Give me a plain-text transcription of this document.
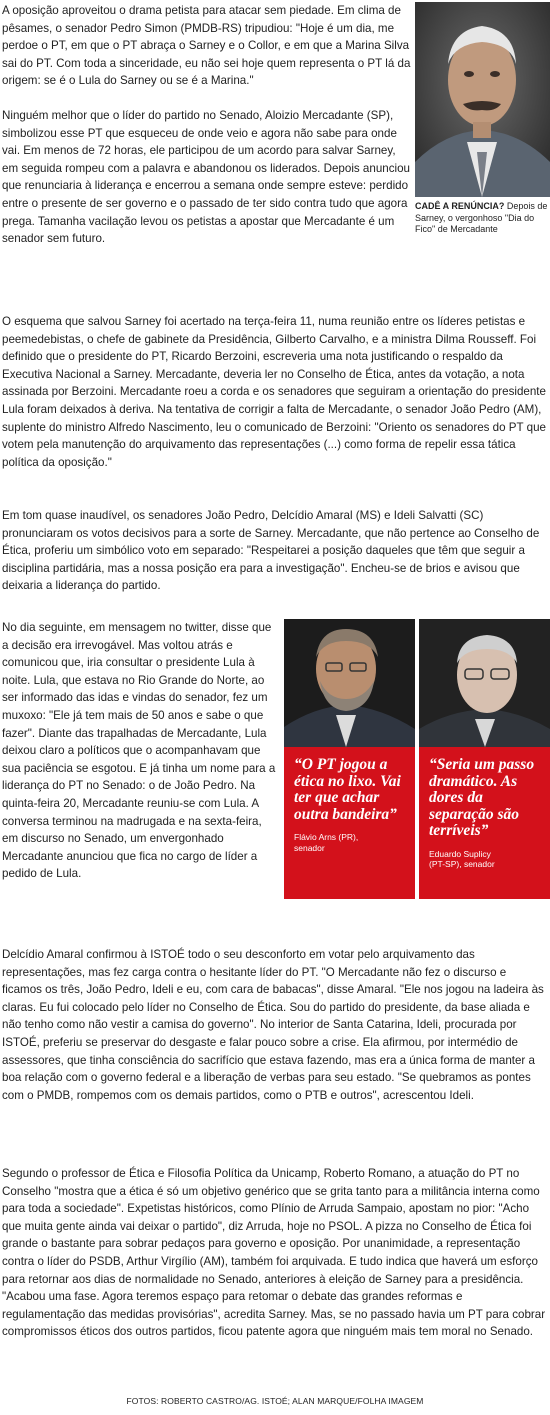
A oposição aproveitou o drama petista para atacar sem piedade. Em clima de pêsames, o senador Pedro Simon (PMDB-RS) tripudiou: "Hoje é um dia, me perdoe o PT, em que o PT abraça o Sarney e o Collor, e em que a Marina Silva sai do PT. Com toda a sinceridade, eu não sei hoje quem representa o PT lá da origem: se é o Lula do Sarney ou se é a Marina."

Ninguém melhor que o líder do partido no Senado, Aloizio Mercadante (SP), simbolizou esse PT que esqueceu de onde veio e agora não sabe para onde vai. Em menos de 72 horas, ele participou de um acordo para salvar Sarney, em seguida rompeu com a palavra e abandonou os liderados. Depois anunciou que renunciaria à liderança e encerrou a semana onde sempre esteve: perdido entre o presente de ser governo e o passado de ter sido contra tudo que agora prega. Tamanha vacilação levou os petistas a apostar que Mercadante é um senador sem futuro.

CADÊ A RENÚNCIA? Depois de Sarney, o vergonhoso "Dia do Fico" de Mercadante

O esquema que salvou Sarney foi acertado na terça-feira 11, numa reunião entre os líderes petistas e peemedebistas, o chefe de gabinete da Presidência, Gilberto Carvalho, e a ministra Dilma Rousseff. Foi definido que o presidente do PT, Ricardo Berzoini, escreveria uma nota justificando o respaldo da Executiva Nacional a Sarney. Mercadante, deveria ler no Conselho de Ética, antes da votação, a nota assinada por Berzoini. Mercadante roeu a corda e os senadores que seguiram a orientação do presidente Lula foram deixados à deriva. Na tentativa de corrigir a falta de Mercadante, o senador João Pedro (AM), suplente do ministro Alfredo Nascimento, leu o comunicado de Berzoini: "Oriento os senadores do PT que votem pela manutenção do arquivamento das representações (...) como forma de repelir essa tática política da oposição."

Em tom quase inaudível, os senadores João Pedro, Delcídio Amaral (MS) e Ideli Salvatti (SC) pronunciaram os votos decisivos para a sorte de Sarney. Mercadante, que não pertence ao Conselho de Ética, proferiu um simbólico voto em separado: "Respeitarei a posição daqueles que têm que seguir a disciplina partidária, mas a nossa posição era para a investigação". Encheu-se de brios e avisou que deixaria a liderança do partido.

No dia seguinte, em mensagem no twitter, disse que a decisão era irrevogável. Mas voltou atrás e comunicou que, iria consultar o presidente Lula à noite. Lula, que estava no Rio Grande do Norte, ao ser informado das idas e vindas do senador, fez um muxoxo: "Ele já tem mais de 50 anos e sabe o que fazer". Diante das trapalhadas de Mercadante, Lula deixou claro a políticos que o acompanhavam que sua paciência se esgotou. E já tinha um nome para a liderança do PT no Senado: o de João Pedro. Na quinta-feira 20, Mercadante reuniu-se com Lula. A conversa terminou na madrugada e na sexta-feira, em discurso no Senado, um envergonhado Mercadante anunciou que fica no cargo de líder a pedido de Lula.

“O PT jogou a ética no lixo. Vai ter que achar outra bandeira”
Flávio Arns (PR),
senador
“Seria um passo dramático. As dores da separação são terríveis”
Eduardo Suplicy
(PT-SP), senador

Delcídio Amaral confirmou à ISTOÉ todo o seu desconforto em votar pelo arquivamento das representações, mas fez carga contra o hesitante líder do PT. "O Mercadante não fez o discurso e ficamos os três, João Pedro, Ideli e eu, com cara de babacas", disse Amaral. "Ele nos jogou na ladeira às claras. Eu fui colocado pelo líder no Conselho de Ética. Sou do partido do presidente, da base aliada e não tenho como não vestir a camisa do governo". No interior de Santa Catarina, Ideli, procurada por ISTOÉ, preferiu se preservar do desgaste e falar pouco sobre a crise. Ela afirmou, por intermédio de assessores, que tinha consciência do sacrifício que estava fazendo, mas era a única forma de manter a boa relação com o governo federal e a liberação de verbas para seu estado. "Se quebramos as pontes com o PMDB, rompemos com os demais partidos, como o PTB e outros", acrescentou Ideli.

Segundo o professor de Ética e Filosofia Política da Unicamp, Roberto Romano, a atuação do PT no Conselho "mostra que a ética é só um objetivo genérico que se grita tanto para a militância interna como para toda a sociedade". Expetistas históricos, como Plínio de Arruda Sampaio, apostam no pior: "Acho que muita gente ainda vai deixar o partido", diz Arruda, hoje no PSOL. A pizza no Conselho de Ética foi grande o bastante para sobrar pedaços para governo e oposição. Por unanimidade, a representação contra o líder do PSDB, Arthur Virgílio (AM), também foi arquivada. E tudo indica que haverá um esforço para retornar aos dias de normalidade no Senado, anteriores à eleição de Sarney para a presidência. "Acabou uma fase. Agora teremos espaço para retomar o debate das grandes reformas e regulamentação das medidas provisórias", acredita Sarney. Mas, se no passado havia um PT para cobrar compromissos éticos dos outros partidos, ficou patente agora que ninguém mais tem moral no Senado.

FOTOS: ROBERTO CASTRO/AG. ISTOÉ; ALAN MARQUE/FOLHA IMAGEM
